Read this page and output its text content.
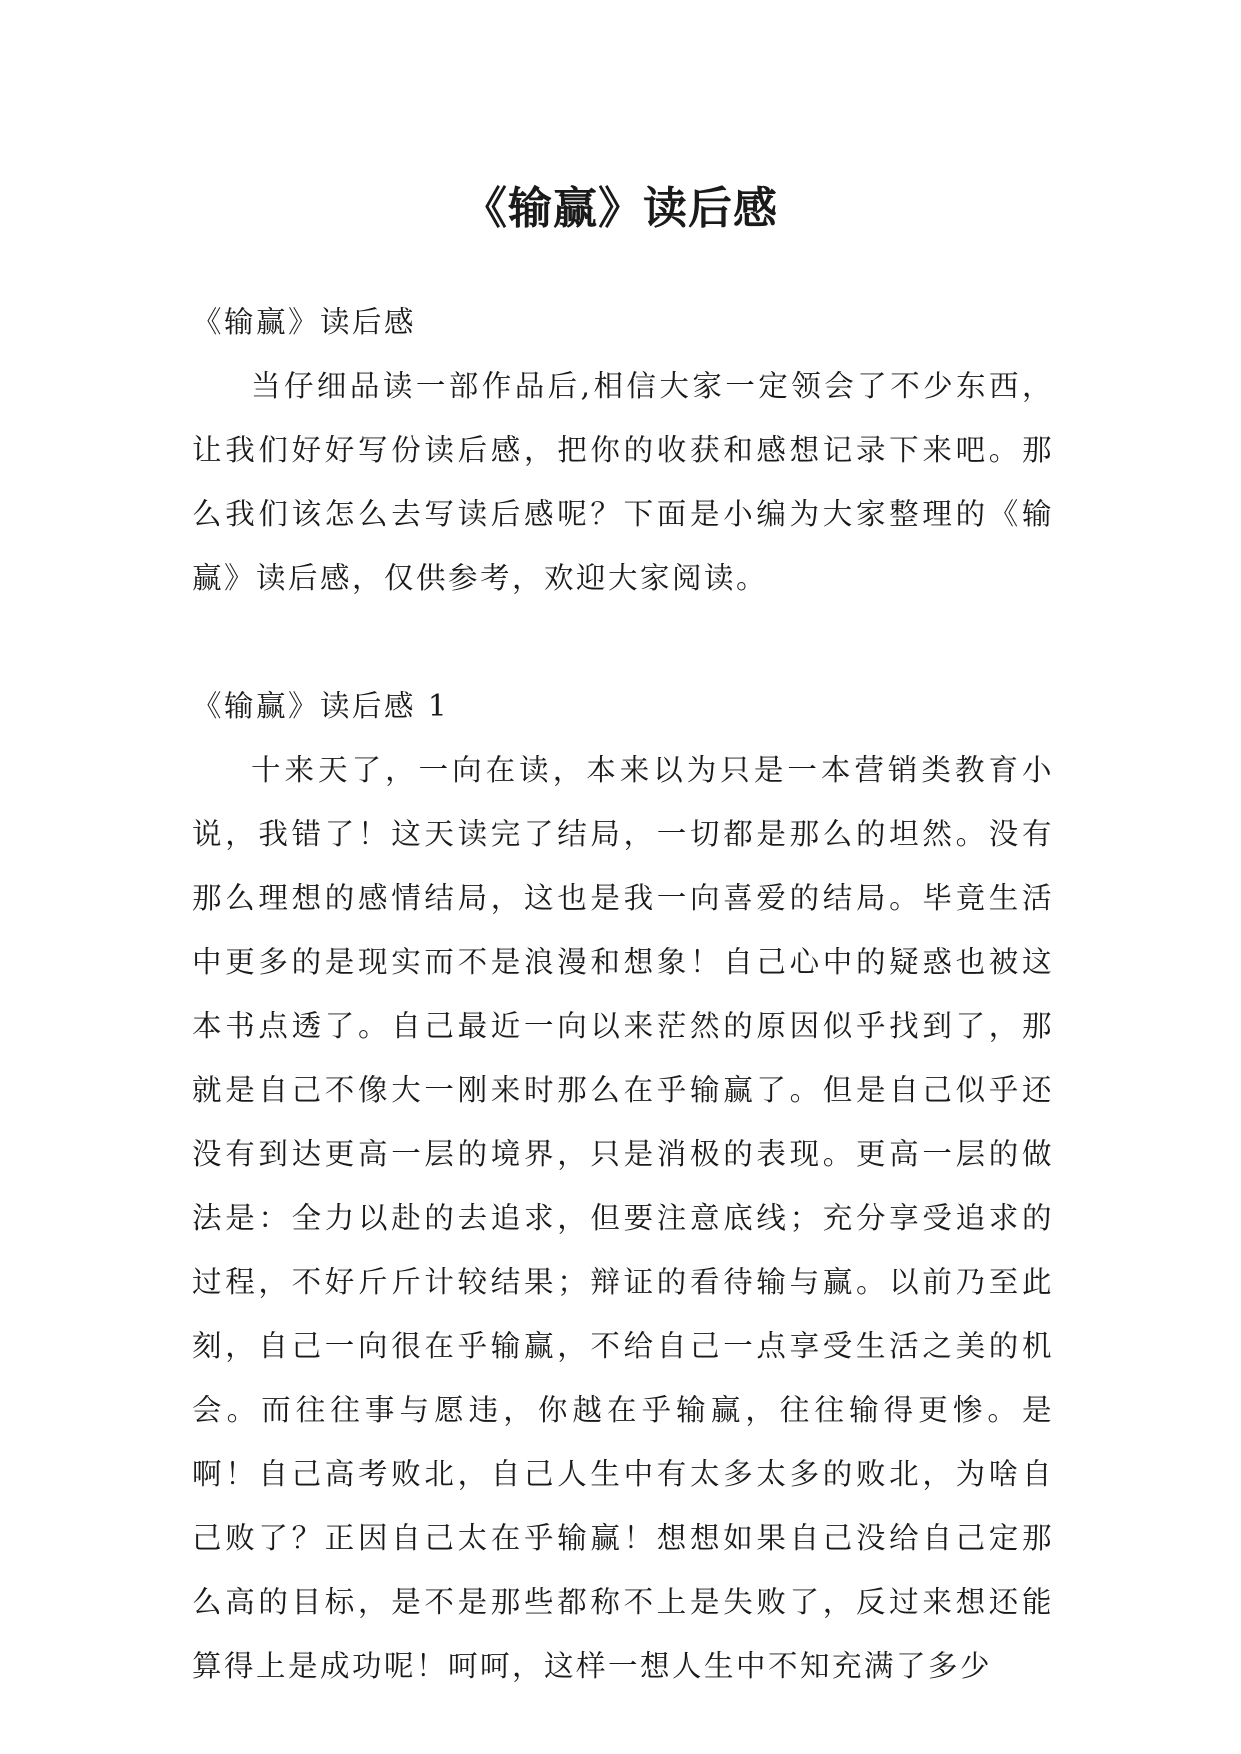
《输赢》读后感

《输赢》读后感

当仔细品读一部作品后,相信大家一定领会了不少东西，让我们好好写份读后感，把你的收获和感想记录下来吧。那么我们该怎么去写读后感呢？下面是小编为大家整理的《输赢》读后感，仅供参考，欢迎大家阅读。

《输赢》读后感 1

十来天了，一向在读，本来以为只是一本营销类教育小说，我错了！这天读完了结局，一切都是那么的坦然。没有那么理想的感情结局，这也是我一向喜爱的结局。毕竟生活中更多的是现实而不是浪漫和想象！自己心中的疑惑也被这本书点透了。自己最近一向以来茫然的原因似乎找到了，那就是自己不像大一刚来时那么在乎输赢了。但是自己似乎还没有到达更高一层的境界，只是消极的表现。更高一层的做法是：全力以赴的去追求，但要注意底线；充分享受追求的过程，不好斤斤计较结果；辩证的看待输与赢。以前乃至此刻，自己一向很在乎输赢，不给自己一点享受生活之美的机会。而往往事与愿违，你越在乎输赢，往往输得更惨。是啊！自己高考败北，自己人生中有太多太多的败北，为啥自己败了？正因自己太在乎输赢！想想如果自己没给自己定那么高的目标，是不是那些都称不上是失败了，反过来想还能算得上是成功呢！呵呵，这样一想人生中不知充满了多少
